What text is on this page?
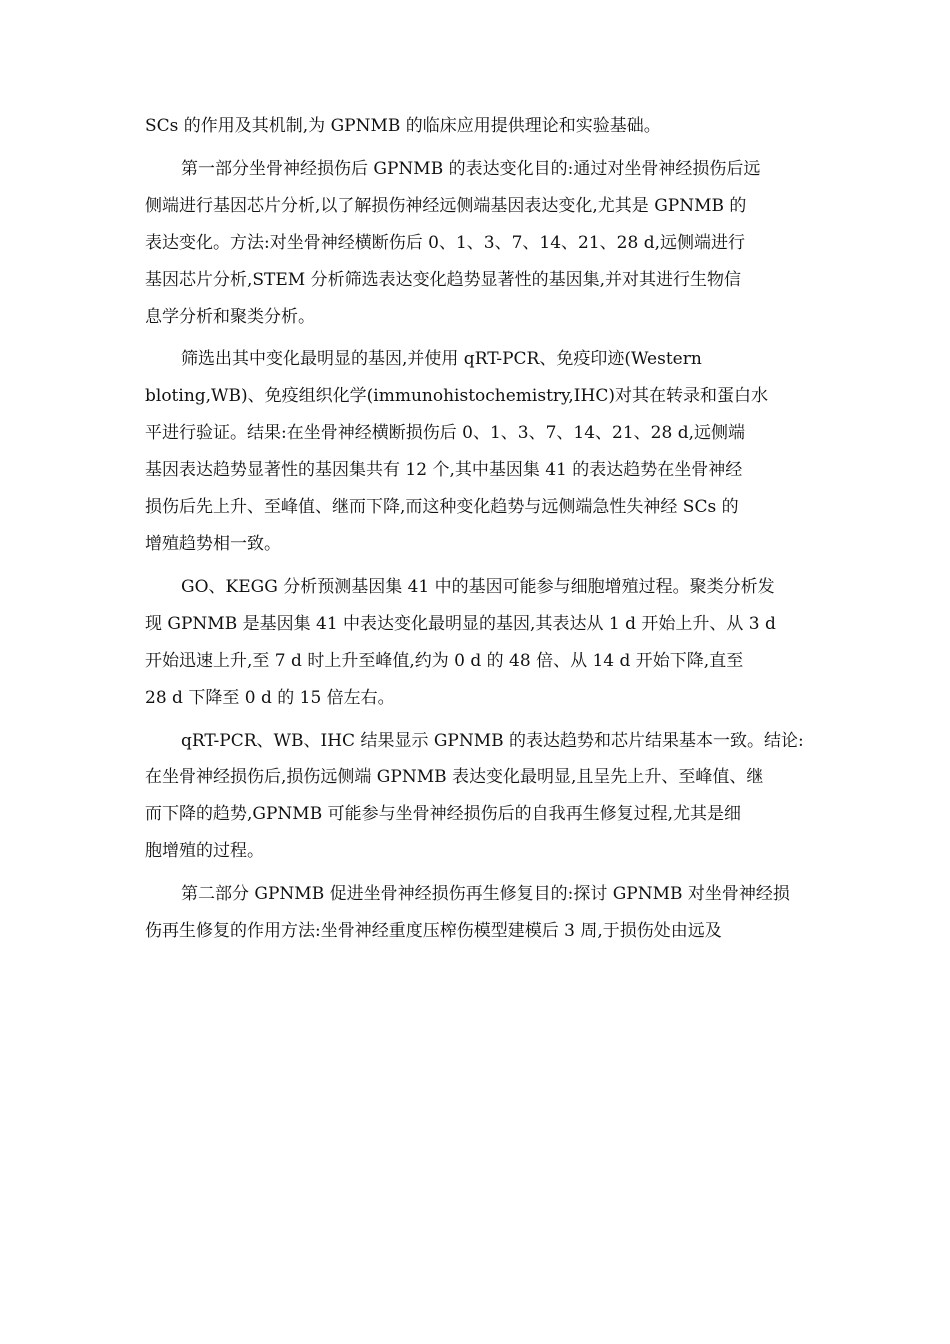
SCs 的作用及其机制,为 GPNMB 的临床应用提供理论和实验基础。

第一部分坐骨神经损伤后 GPNMB 的表达变化目的:通过对坐骨神经损伤后远
侧端进行基因芯片分析,以了解损伤神经远侧端基因表达变化,尤其是 GPNMB 的
表达变化。方法:对坐骨神经横断伤后 0、1、3、7、14、21、28 d,远侧端进行
基因芯片分析,STEM 分析筛选表达变化趋势显著性的基因集,并对其进行生物信
息学分析和聚类分析。

筛选出其中变化最明显的基因,并使用 qRT-PCR、免疫印迹(Western
bloting,WB)、免疫组织化学(immunohistochemistry,IHC)对其在转录和蛋白水
平进行验证。结果:在坐骨神经横断损伤后 0、1、3、7、14、21、28 d,远侧端
基因表达趋势显著性的基因集共有 12 个,其中基因集 41 的表达趋势在坐骨神经
损伤后先上升、至峰值、继而下降,而这种变化趋势与远侧端急性失神经 SCs 的
增殖趋势相一致。

GO、KEGG 分析预测基因集 41 中的基因可能参与细胞增殖过程。聚类分析发
现 GPNMB 是基因集 41 中表达变化最明显的基因,其表达从 1 d 开始上升、从 3 d
开始迅速上升,至 7 d 时上升至峰值,约为 0 d 的 48 倍、从 14 d 开始下降,直至
28 d 下降至 0 d 的 15 倍左右。

qRT-PCR、WB、IHC 结果显示 GPNMB 的表达趋势和芯片结果基本一致。结论:
在坐骨神经损伤后,损伤远侧端 GPNMB 表达变化最明显,且呈先上升、至峰值、继
而下降的趋势,GPNMB 可能参与坐骨神经损伤后的自我再生修复过程,尤其是细
胞增殖的过程。

第二部分 GPNMB 促进坐骨神经损伤再生修复目的:探讨 GPNMB 对坐骨神经损
伤再生修复的作用方法:坐骨神经重度压榨伤模型建模后 3 周,于损伤处由远及
